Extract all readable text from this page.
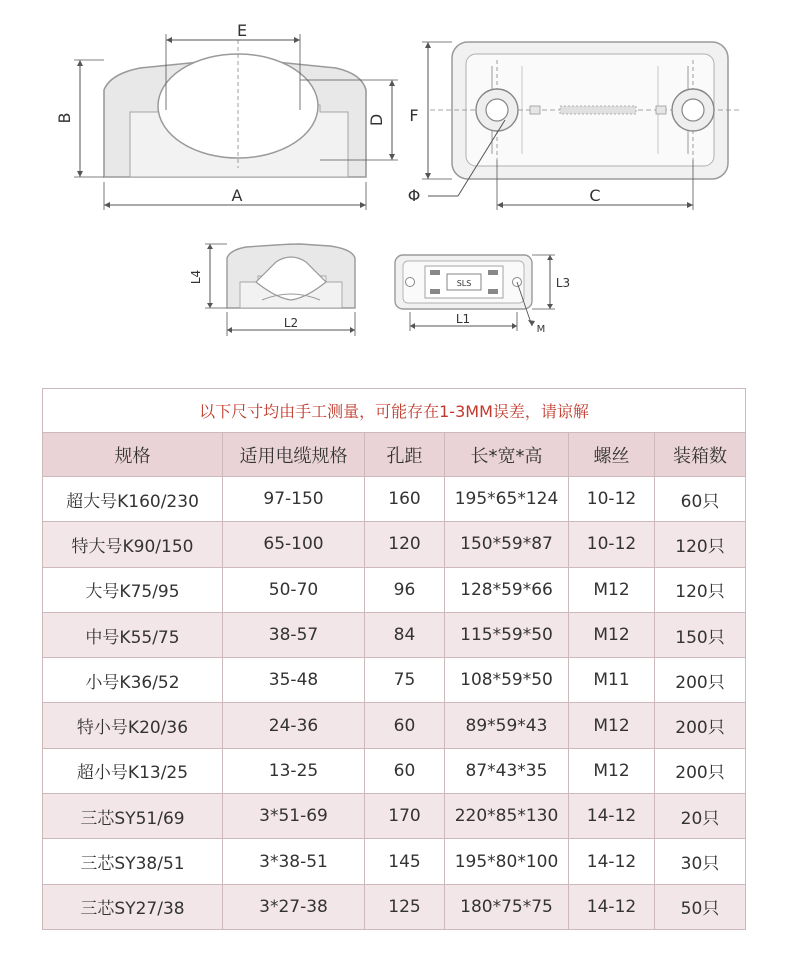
E
B	D
A
F
Φ	C
L4
L2
SLS
L1
L3
M
以下尺寸均由手工测量，可能存在1-3MM误差，请谅解					
规格	适用电缆规格	孔距	长*宽*高	螺丝	装箱数
超大号K160/230	97-150	160	195*65*124	10-12	60只
特大号K90/150	65-100	120	150*59*87	10-12	120只
大号K75/95	50-70	96	128*59*66	M12	120只
中号K55/75	38-57	84	115*59*50	M12	150只
小号K36/52	35-48	75	108*59*50	M11	200只
特小号K20/36	24-36	60	89*59*43	M12	200只
超小号K13/25	13-25	60	87*43*35	M12	200只
三芯SY51/69	3*51-69	170	220*85*130	14-12	20只
三芯SY38/51	3*38-51	145	195*80*100	14-12	30只
三芯SY27/38	3*27-38	125	180*75*75	14-12	50只
